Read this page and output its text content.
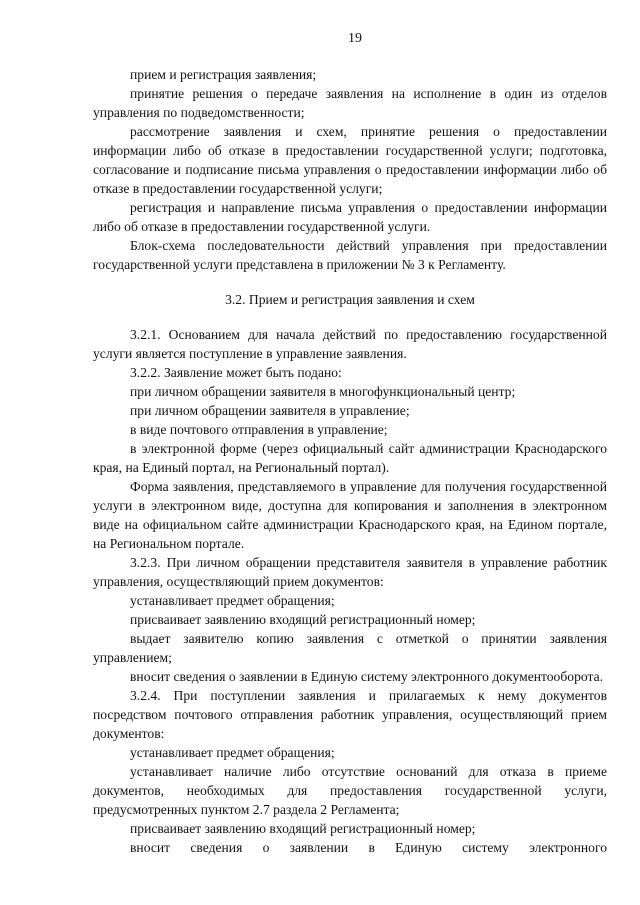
19

прием и регистрация заявления;

принятие решения о передаче заявления на исполнение в один из отделов управления по подведомственности;

рассмотрение заявления и схем, принятие решения о предоставлении информации либо об отказе в предоставлении государственной услуги; подготовка, согласование и подписание письма управления о предоставлении информации либо об отказе в предоставлении государственной услуги;

регистрация и направление письма управления о предоставлении информации либо об отказе в предоставлении государственной услуги.

Блок-схема последовательности действий управления при предоставлении государственной услуги представлена в приложении № 3 к Регламенту.

3.2. Прием и регистрация заявления и схем

3.2.1. Основанием для начала действий по предоставлению государственной услуги является поступление в управление заявления.

3.2.2. Заявление может быть подано:

при личном обращении заявителя в многофункциональный центр;

при личном обращении заявителя в управление;

в виде почтового отправления в управление;

в электронной форме (через официальный сайт администрации Краснодарского края, на Единый портал, на Региональный портал).

Форма заявления, представляемого в управление для получения государственной услуги в электронном виде, доступна для копирования и заполнения в электронном виде на официальном сайте администрации Краснодарского края, на Едином портале, на Региональном портале.

3.2.3. При личном обращении представителя заявителя в управление работник управления, осуществляющий прием документов:

устанавливает предмет обращения;

присваивает заявлению входящий регистрационный номер;

выдает заявителю копию заявления с отметкой о принятии заявления управлением;

вносит сведения о заявлении в Единую систему электронного документооборота.

3.2.4. При поступлении заявления и прилагаемых к нему документов посредством почтового отправления работник управления, осуществляющий прием документов:

устанавливает предмет обращения;

устанавливает наличие либо отсутствие оснований для отказа в приеме документов, необходимых для предоставления государственной услуги, предусмотренных пунктом 2.7 раздела 2 Регламента;

присваивает заявлению входящий регистрационный номер;

вносит сведения о заявлении в Единую систему электронного
